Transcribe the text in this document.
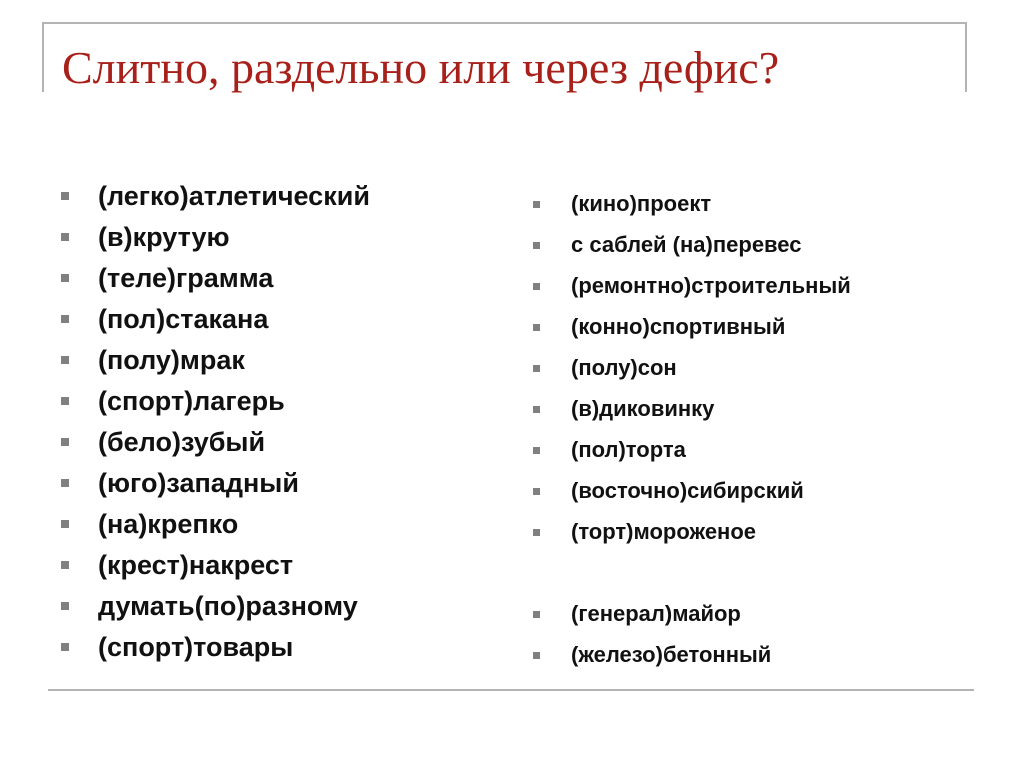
Слитно, раздельно или через дефис?
(легко)атлетический
(в)крутую
(теле)грамма
(пол)стакана
(полу)мрак
(спорт)лагерь
(бело)зубый
(юго)западный
(на)крепко
(крест)накрест
думать(по)разному
(спорт)товары
(кино)проект
с саблей (на)перевес
(ремонтно)строительный
(конно)спортивный
(полу)сон
(в)диковинку
(пол)торта
(восточно)сибирский
(торт)мороженое
(генерал)майор
(железо)бетонный
